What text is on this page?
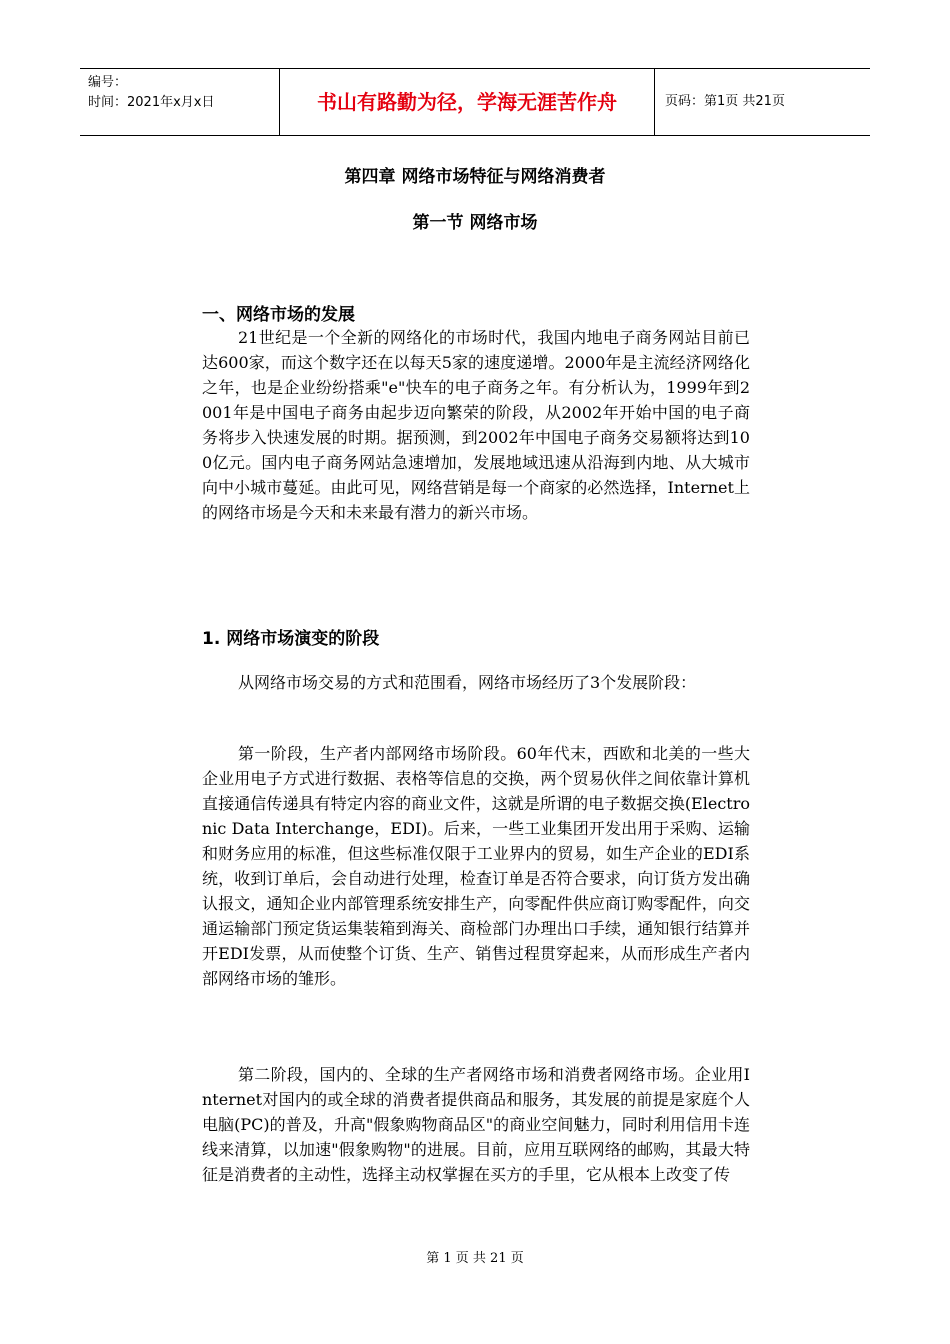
编号：
时间：2021年x月x日	书山有路勤为径，学海无涯苦作舟	页码：第1页 共21页
第四章 网络市场特征与网络消费者
第一节 网络市场
一、网络市场的发展
21世纪是一个全新的网络化的市场时代，我国内地电子商务网站目前已达600家，而这个数字还在以每天5家的速度递增。2000年是主流经济网络化之年，也是企业纷纷搭乘"e"快车的电子商务之年。有分析认为，1999年到2001年是中国电子商务由起步迈向繁荣的阶段，从2002年开始中国的电子商务将步入快速发展的时期。据预测，到2002年中国电子商务交易额将达到100亿元。国内电子商务网站急速增加，发展地域迅速从沿海到内地、从大城市向中小城市蔓延。由此可见，网络营销是每一个商家的必然选择，Internet上的网络市场是今天和未来最有潜力的新兴市场。
1. 网络市场演变的阶段
从网络市场交易的方式和范围看，网络市场经历了3个发展阶段：
第一阶段，生产者内部网络市场阶段。60年代末，西欧和北美的一些大企业用电子方式进行数据、表格等信息的交换，两个贸易伙伴之间依靠计算机直接通信传递具有特定内容的商业文件，这就是所谓的电子数据交换(Electronic Data Interchange，EDI)。后来，一些工业集团开发出用于采购、运输和财务应用的标准，但这些标准仅限于工业界内的贸易，如生产企业的EDI系统，收到订单后，会自动进行处理，检查订单是否符合要求，向订货方发出确认报文，通知企业内部管理系统安排生产，向零配件供应商订购零配件，向交通运输部门预定货运集装箱到海关、商检部门办理出口手续，通知银行结算并开EDI发票，从而使整个订货、生产、销售过程贯穿起来，从而形成生产者内部网络市场的雏形。
第二阶段，国内的、全球的生产者网络市场和消费者网络市场。企业用Internet对国内的或全球的消费者提供商品和服务，其发展的前提是家庭个人电脑(PC)的普及，升高"假象购物商品区"的商业空间魅力，同时利用信用卡连线来清算，以加速"假象购物"的进展。目前，应用互联网络的邮购，其最大特征是消费者的主动性，选择主动权掌握在买方的手里，它从根本上改变了传
第 1 页 共 21 页
